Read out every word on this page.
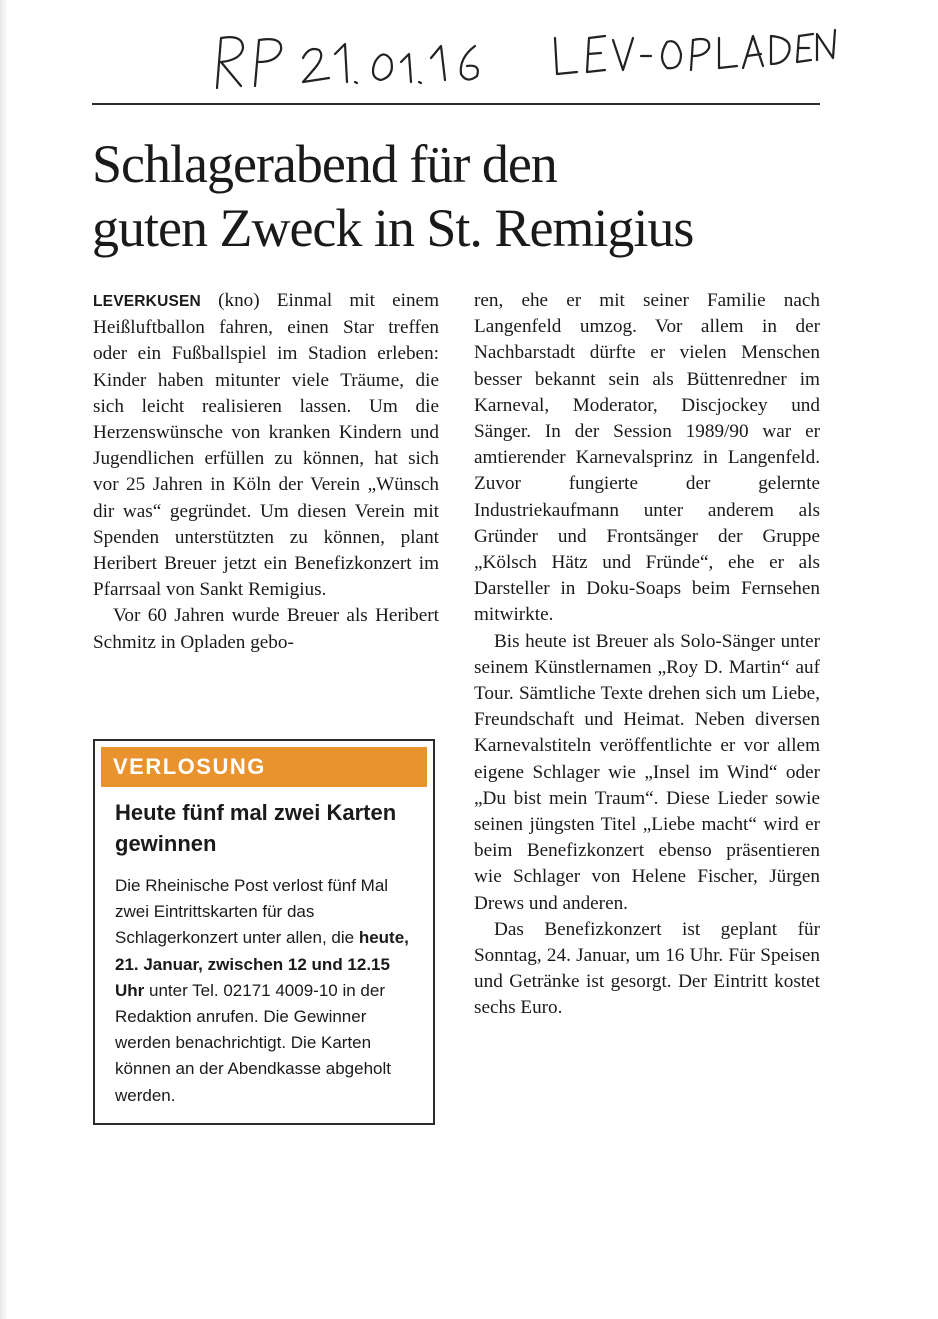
Schlagerabend für den
guten Zweck in St. Remigius

LEVERKUSEN (kno) Einmal mit einem Heißluftballon fahren, einen Star treffen oder ein Fußballspiel im Stadion erleben: Kinder haben mitunter viele Träume, die sich leicht realisieren lassen. Um die Herzenswünsche von kranken Kindern und Jugendlichen erfüllen zu können, hat sich vor 25 Jahren in Köln der Verein „Wünsch dir was“ gegründet. Um diesen Verein mit Spenden unterstützten zu können, plant Heribert Breuer jetzt ein Benefizkonzert im Pfarrsaal von Sankt Remigius.

Vor 60 Jahren wurde Breuer als Heribert Schmitz in Opladen gebo-

VERLOSUNG
Heute fünf mal zwei Karten gewinnen
Die Rheinische Post verlost fünf Mal zwei Eintrittskarten für das Schlagerkonzert unter allen, die heute, 21. Januar, zwischen 12 und 12.15 Uhr unter Tel. 02171 4009-10 in der Redaktion anrufen. Die Gewinner werden benachrichtigt. Die Karten können an der Abendkasse abgeholt werden.

ren, ehe er mit seiner Familie nach Langenfeld umzog. Vor allem in der Nachbarstadt dürfte er vielen Menschen besser bekannt sein als Büttenredner im Karneval, Moderator, Discjockey und Sänger. In der Session 1989/90 war er amtierender Karnevalsprinz in Langenfeld. Zuvor fungierte der gelernte Industriekaufmann unter anderem als Gründer und Frontsänger der Gruppe „Kölsch Hätz und Fründe“, ehe er als Darsteller in Doku-Soaps beim Fernsehen mitwirkte.

Bis heute ist Breuer als Solo-Sänger unter seinem Künstlernamen „Roy D. Martin“ auf Tour. Sämtliche Texte drehen sich um Liebe, Freundschaft und Heimat. Neben diversen Karnevalstiteln veröffentlichte er vor allem eigene Schlager wie „Insel im Wind“ oder „Du bist mein Traum“. Diese Lieder sowie seinen jüngsten Titel „Liebe macht“ wird er beim Benefizkonzert ebenso präsentieren wie Schlager von Helene Fischer, Jürgen Drews und anderen.

Das Benefizkonzert ist geplant für Sonntag, 24. Januar, um 16 Uhr. Für Speisen und Getränke ist gesorgt. Der Eintritt kostet sechs Euro.
